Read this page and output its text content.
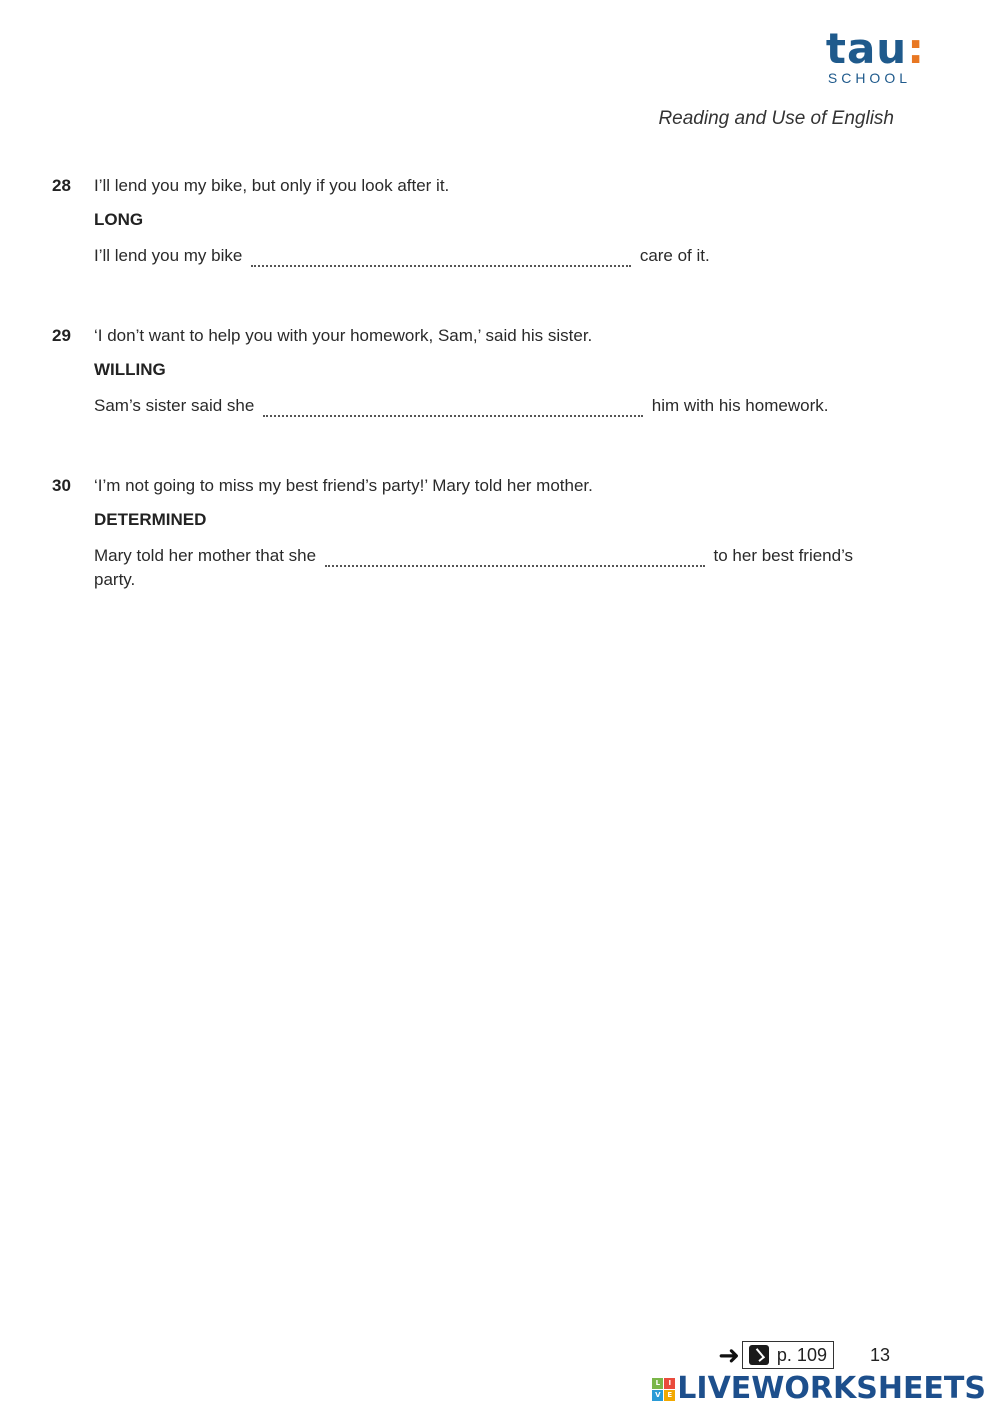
tau:
SCHOOL
Reading and Use of English
28	I’ll lend you my bike, but only if you look after it.
LONG
I’ll lend you my bike	care of it.
29	‘I don’t want to help you with your homework, Sam,’ said his sister.
WILLING
Sam’s sister said she	him with his homework.
30	‘I’m not going to miss my best friend’s party!’ Mary told her mother.
DETERMINED
Mary told her mother that she	to her best friend’s party.
➜ p. 109 13
L	I
V E LIVEWORKSHEETS
